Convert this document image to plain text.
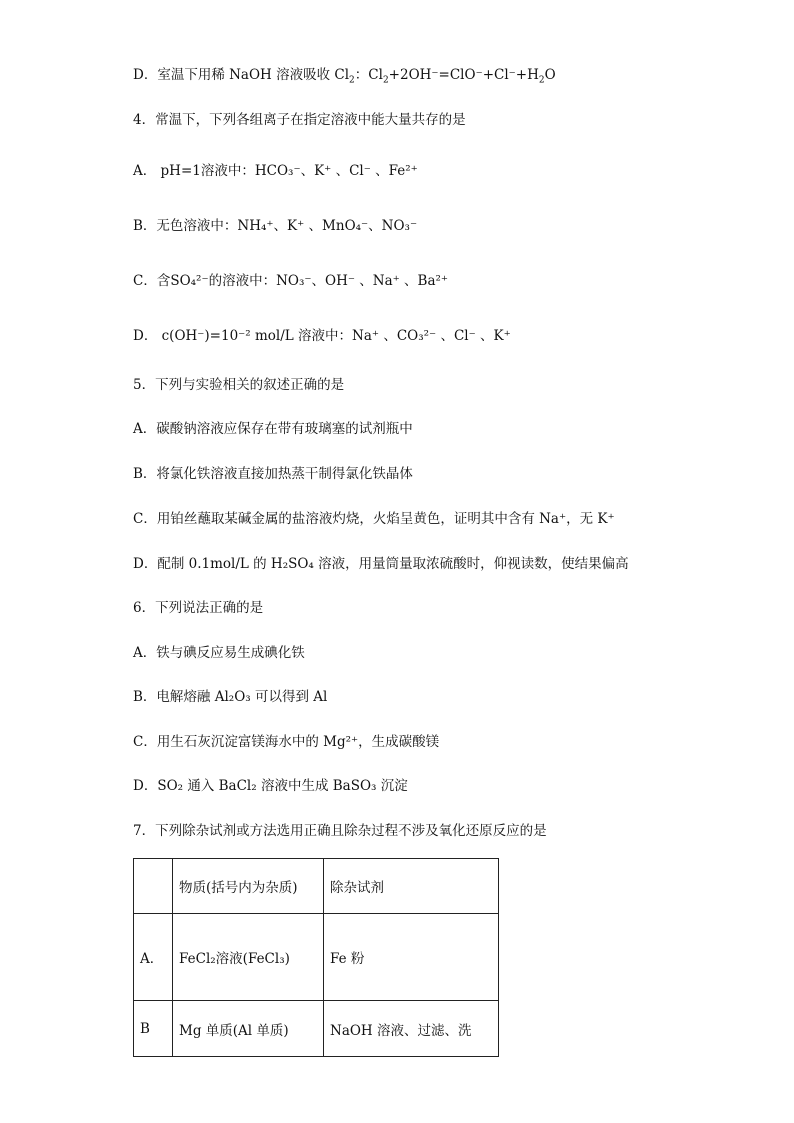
D．室温下用稀 NaOH 溶液吸收 $Cl_2$：$Cl_2+2OH^-=ClO^-+Cl^-+H_2O$
4．常温下，下列各组离子在指定溶液中能大量共存的是
A． pH=1溶液中：HCO₃⁻、K⁺ 、Cl⁻ 、Fe²⁺
B．无色溶液中：NH₄⁺、K⁺ 、MnO₄⁻、NO₃⁻
C．含SO₄²⁻的溶液中：NO₃⁻、OH⁻ 、Na⁺ 、Ba²⁺
D． c(OH⁻)=10⁻² mol/L 溶液中：Na⁺ 、CO₃²⁻ 、Cl⁻ 、K⁺
5．下列与实验相关的叙述正确的是
A．碳酸钠溶液应保存在带有玻璃塞的试剂瓶中
B．将氯化铁溶液直接加热蒸干制得氯化铁晶体
C．用铂丝蘸取某碱金属的盐溶液灼烧，火焰呈黄色，证明其中含有 Na⁺，无 K⁺
D．配制 0.1mol/L 的 H₂SO₄ 溶液，用量筒量取浓硫酸时，仰视读数，使结果偏高
6．下列说法正确的是
A．铁与碘反应易生成碘化铁
B．电解熔融 Al₂O₃ 可以得到 Al
C．用生石灰沉淀富镁海水中的 Mg²⁺，生成碳酸镁
D．SO₂ 通入 BaCl₂ 溶液中生成 BaSO₃ 沉淀
7．下列除杂试剂或方法选用正确且除杂过程不涉及氧化还原反应的是
	物质(括号内为杂质)	除杂试剂
A．	FeCl₂溶液(FeCl₃)	Fe 粉
B	Mg 单质(Al 单质)	NaOH 溶液、过滤、洗
